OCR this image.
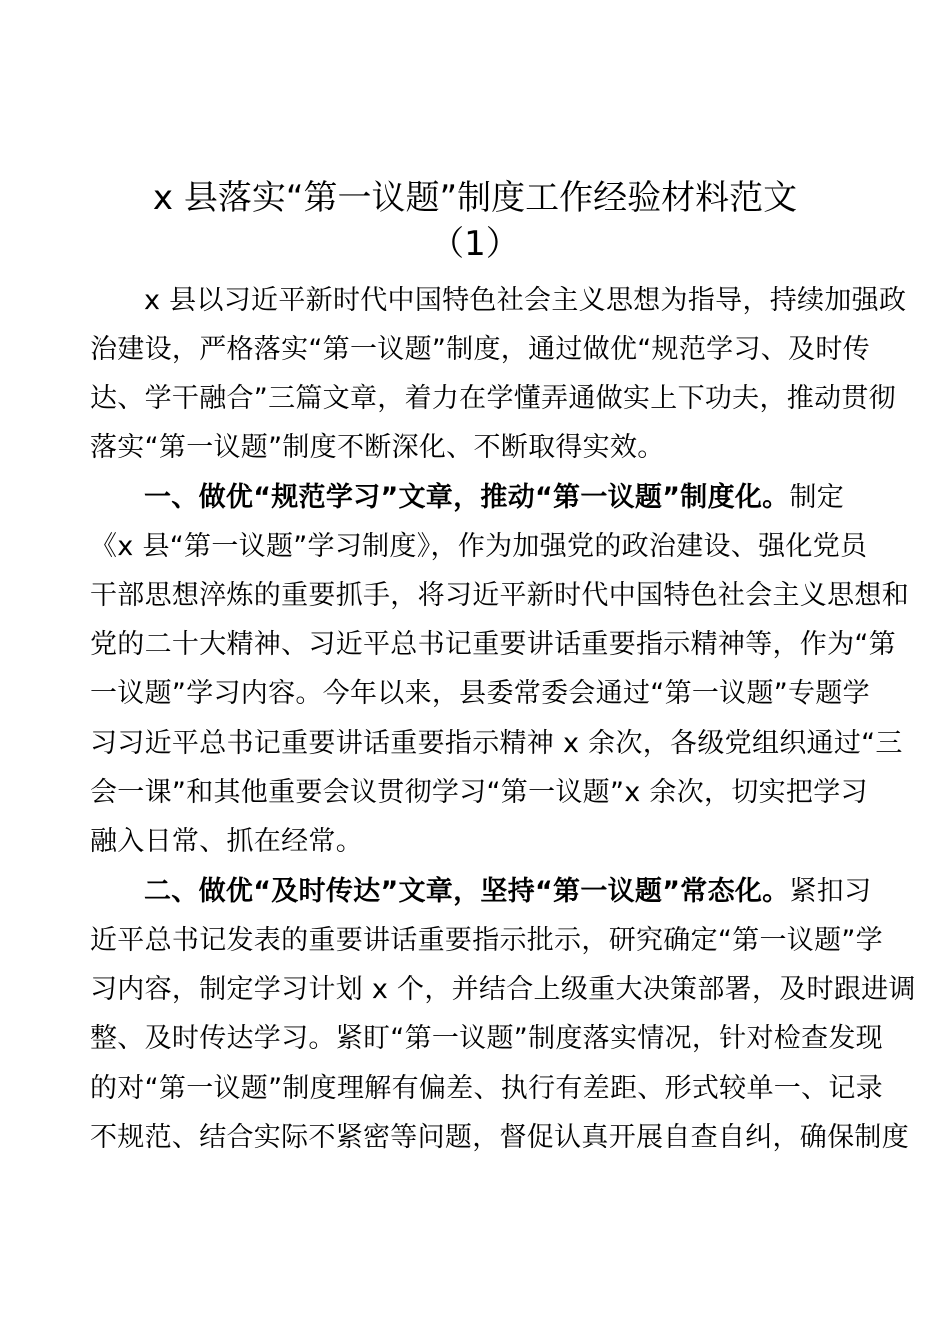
x 县落实“第一议题”制度工作经验材料范文
（1）
x 县以习近平新时代中国特色社会主义思想为指导，持续加强政
治建设，严格落实“第一议题”制度，通过做优“规范学习、及时传
达、学干融合”三篇文章，着力在学懂弄通做实上下功夫，推动贯彻
落实“第一议题”制度不断深化、不断取得实效。
一、做优“规范学习”文章，推动“第一议题”制度化。制定
《x 县“第一议题”学习制度》，作为加强党的政治建设、强化党员
干部思想淬炼的重要抓手，将习近平新时代中国特色社会主义思想和
党的二十大精神、习近平总书记重要讲话重要指示精神等，作为“第
一议题”学习内容。今年以来，县委常委会通过“第一议题”专题学
习习近平总书记重要讲话重要指示精神 x 余次，各级党组织通过“三
会一课”和其他重要会议贯彻学习“第一议题”x 余次，切实把学习
融入日常、抓在经常。
二、做优“及时传达”文章，坚持“第一议题”常态化。紧扣习
近平总书记发表的重要讲话重要指示批示，研究确定“第一议题”学
习内容，制定学习计划 x 个，并结合上级重大决策部署，及时跟进调
整、及时传达学习。紧盯“第一议题”制度落实情况，针对检查发现
的对“第一议题”制度理解有偏差、执行有差距、形式较单一、记录
不规范、结合实际不紧密等问题，督促认真开展自查自纠，确保制度
